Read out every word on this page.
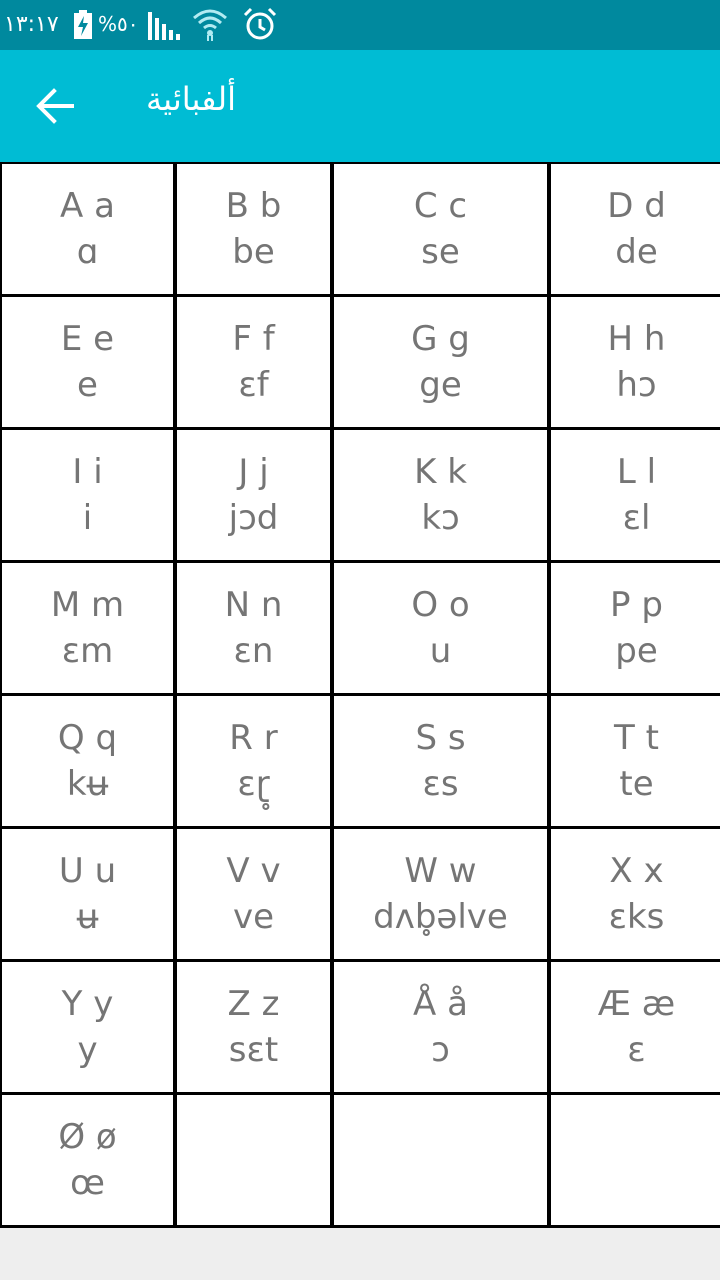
١٣:١٧ %٥٠
ألفبائية
A a
ɑ
B b
be
C c
se
D d
de
E e
e
F f
ɛf
G g
ge
H h
hɔ
I i
i
J j
jɔd
K k
kɔ
L l
ɛl
M m
ɛm
N n
ɛn
O o
u
P p
pe
Q q
kʉ
R r
ɛɽ̥
S s
ɛs
T t
te
U u
ʉ
V v
ve
W w
dʌb̥əlve
X x
ɛks
Y y
y
Z z
sɛt
Å å
ɔ
Æ æ
ɛ
Ø ø
œ
